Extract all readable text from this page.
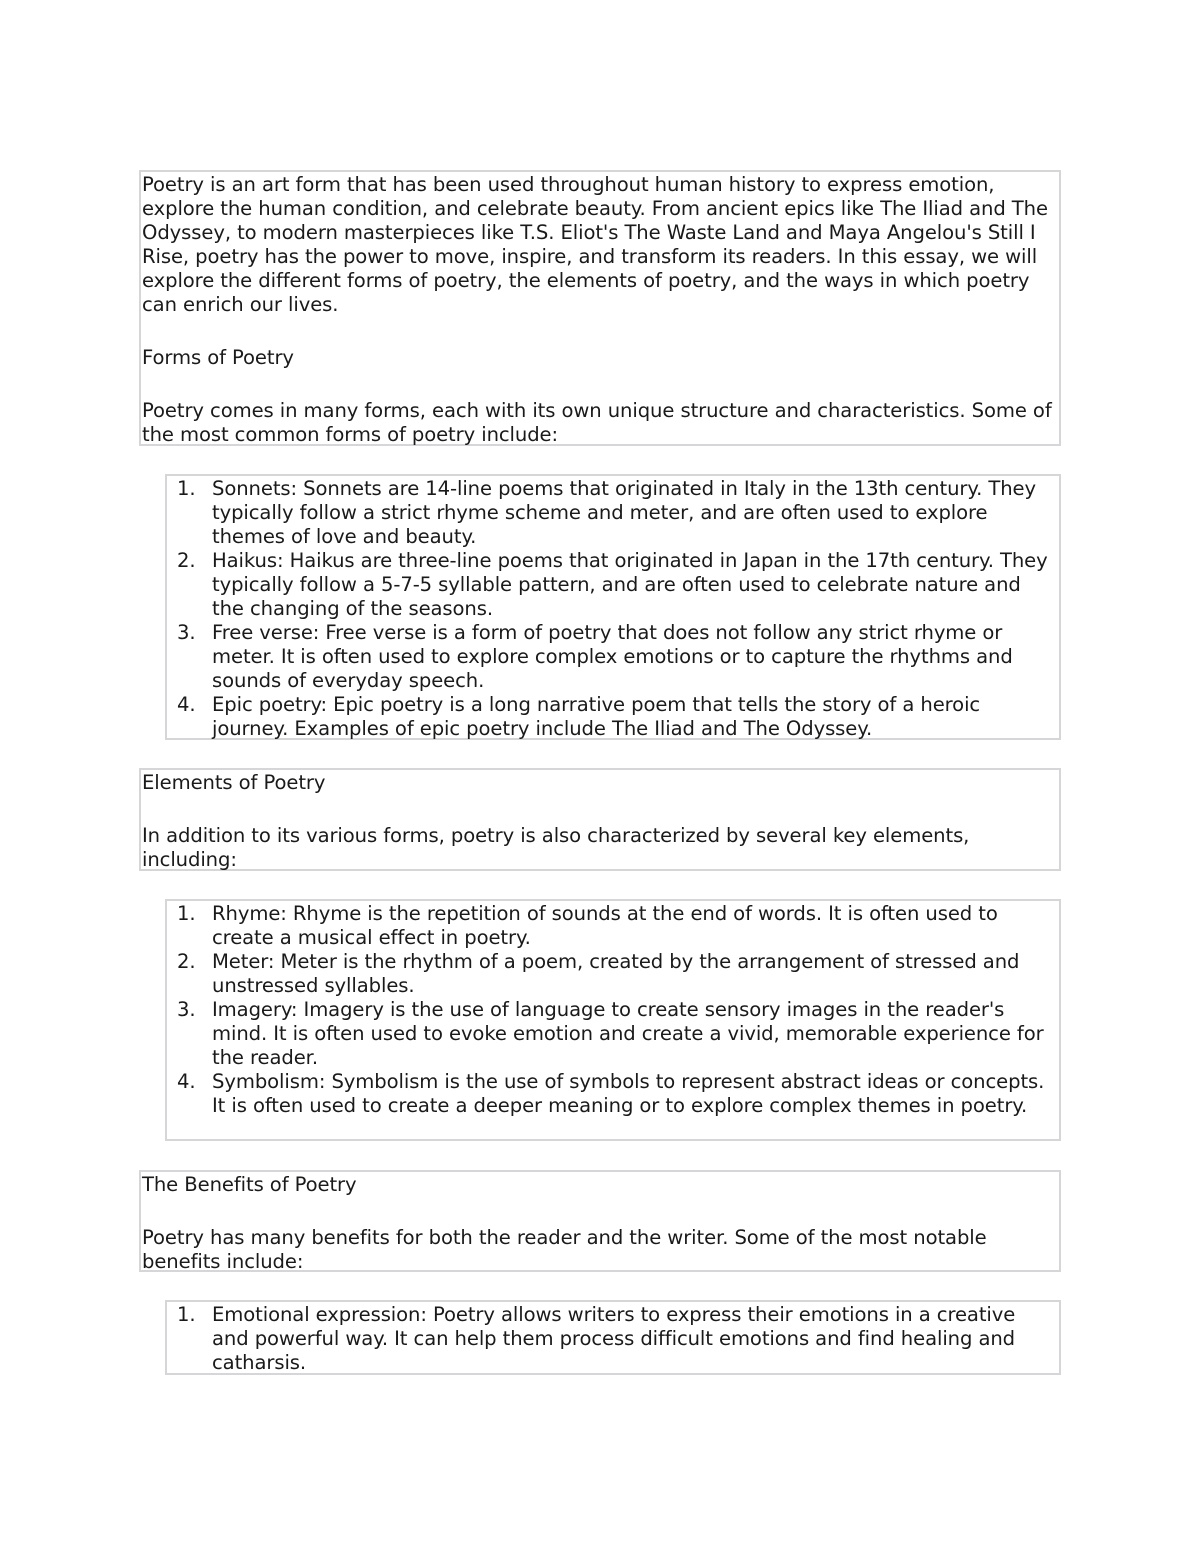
Poetry is an art form that has been used throughout human history to express emotion, explore the human condition, and celebrate beauty. From ancient epics like The Iliad and The Odyssey, to modern masterpieces like T.S. Eliot's The Waste Land and Maya Angelou's Still I Rise, poetry has the power to move, inspire, and transform its readers. In this essay, we will explore the different forms of poetry, the elements of poetry, and the ways in which poetry can enrich our lives.

Forms of Poetry

Poetry comes in many forms, each with its own unique structure and characteristics. Some of the most common forms of poetry include:

1. Sonnets: Sonnets are 14-line poems that originated in Italy in the 13th century. They typically follow a strict rhyme scheme and meter, and are often used to explore themes of love and beauty.
2. Haikus: Haikus are three-line poems that originated in Japan in the 17th century. They typically follow a 5-7-5 syllable pattern, and are often used to celebrate nature and the changing of the seasons.
3. Free verse: Free verse is a form of poetry that does not follow any strict rhyme or meter. It is often used to explore complex emotions or to capture the rhythms and sounds of everyday speech.
4. Epic poetry: Epic poetry is a long narrative poem that tells the story of a heroic journey. Examples of epic poetry include The Iliad and The Odyssey.

Elements of Poetry

In addition to its various forms, poetry is also characterized by several key elements, including:

1. Rhyme: Rhyme is the repetition of sounds at the end of words. It is often used to create a musical effect in poetry.
2. Meter: Meter is the rhythm of a poem, created by the arrangement of stressed and unstressed syllables.
3. Imagery: Imagery is the use of language to create sensory images in the reader's mind. It is often used to evoke emotion and create a vivid, memorable experience for the reader.
4. Symbolism: Symbolism is the use of symbols to represent abstract ideas or concepts. It is often used to create a deeper meaning or to explore complex themes in poetry.

The Benefits of Poetry

Poetry has many benefits for both the reader and the writer. Some of the most notable benefits include:

1. Emotional expression: Poetry allows writers to express their emotions in a creative and powerful way. It can help them process difficult emotions and find healing and catharsis.
